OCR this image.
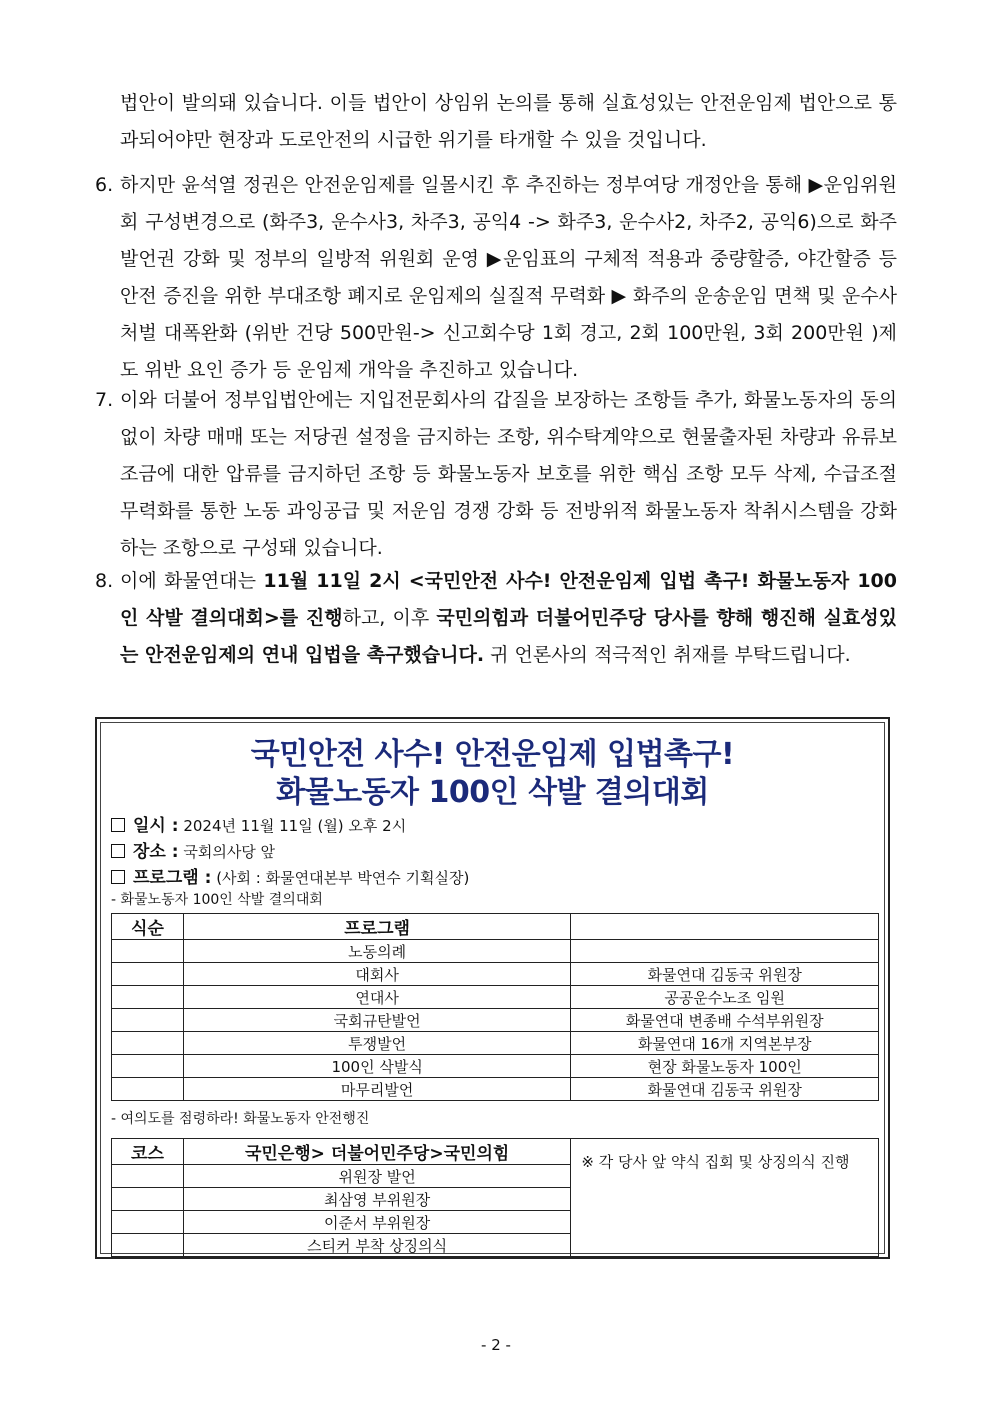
법안이 발의돼 있습니다. 이들 법안이 상임위 논의를 통해 실효성있는 안전운임제 법안으로 통과되어야만 현장과 도로안전의 시급한 위기를 타개할 수 있을 것입니다.
6. 하지만 윤석열 정권은 안전운임제를 일몰시킨 후 추진하는 정부여당 개정안을 통해 ▶운임위원회 구성변경으로 (화주3, 운수사3, 차주3, 공익4 -> 화주3, 운수사2, 차주2, 공익6)으로 화주 발언권 강화 및 정부의 일방적 위원회 운영 ▶운임표의 구체적 적용과 중량할증, 야간할증 등 안전 증진을 위한 부대조항 폐지로 운임제의 실질적 무력화 ▶ 화주의 운송운임 면책 및 운수사 처벌 대폭완화 (위반 건당 500만원-> 신고회수당 1회 경고, 2회 100만원, 3회 200만원 )제도 위반 요인 증가 등 운임제 개악을 추진하고 있습니다.
7. 이와 더불어 정부입법안에는 지입전문회사의 갑질을 보장하는 조항들 추가, 화물노동자의 동의없이 차량 매매 또는 저당권 설정을 금지하는 조항, 위수탁계약으로 현물출자된 차량과 유류보조금에 대한 압류를 금지하던 조항 등 화물노동자 보호를 위한 핵심 조항 모두 삭제, 수급조절 무력화를 통한 노동 과잉공급 및 저운임 경쟁 강화 등 전방위적 화물노동자 착취시스템을 강화하는 조항으로 구성돼 있습니다.
8. 이에 화물연대는 11월 11일 2시 <국민안전 사수! 안전운임제 입법 촉구! 화물노동자 100인 삭발 결의대회>를 진행하고, 이후 국민의힘과 더불어민주당 당사를 향해 행진해 실효성있는 안전운임제의 연내 입법을 촉구했습니다. 귀 언론사의 적극적인 취재를 부탁드립니다.
국민안전 사수! 안전운임제 입법촉구!
화물노동자 100인 삭발 결의대회
일시 : 2024년 11월 11일 (월) 오후 2시
장소 : 국회의사당 앞
프로그램 : (사회 : 화물연대본부 박연수 기획실장)
- 화물노동자 100인 삭발 결의대회
식순	프로그램	
	노동의례	
	대회사	화물연대 김동국 위원장
	연대사	공공운수노조 임원
	국회규탄발언	화물연대 변종배 수석부위원장
	투쟁발언	화물연대 16개 지역본부장
	100인 삭발식	현장 화물노동자 100인
	마무리발언	화물연대 김동국 위원장
- 여의도를 점령하라! 화물노동자 안전행진
코스	국민은행> 더불어민주당>국민의힘	※ 각 당사 앞 약식 집회 및 상징의식 진행
	위원장 발언	
	최삼영 부위원장	
	이준서 부위원장	
	스티커 부착 상징의식	
- 2 -
